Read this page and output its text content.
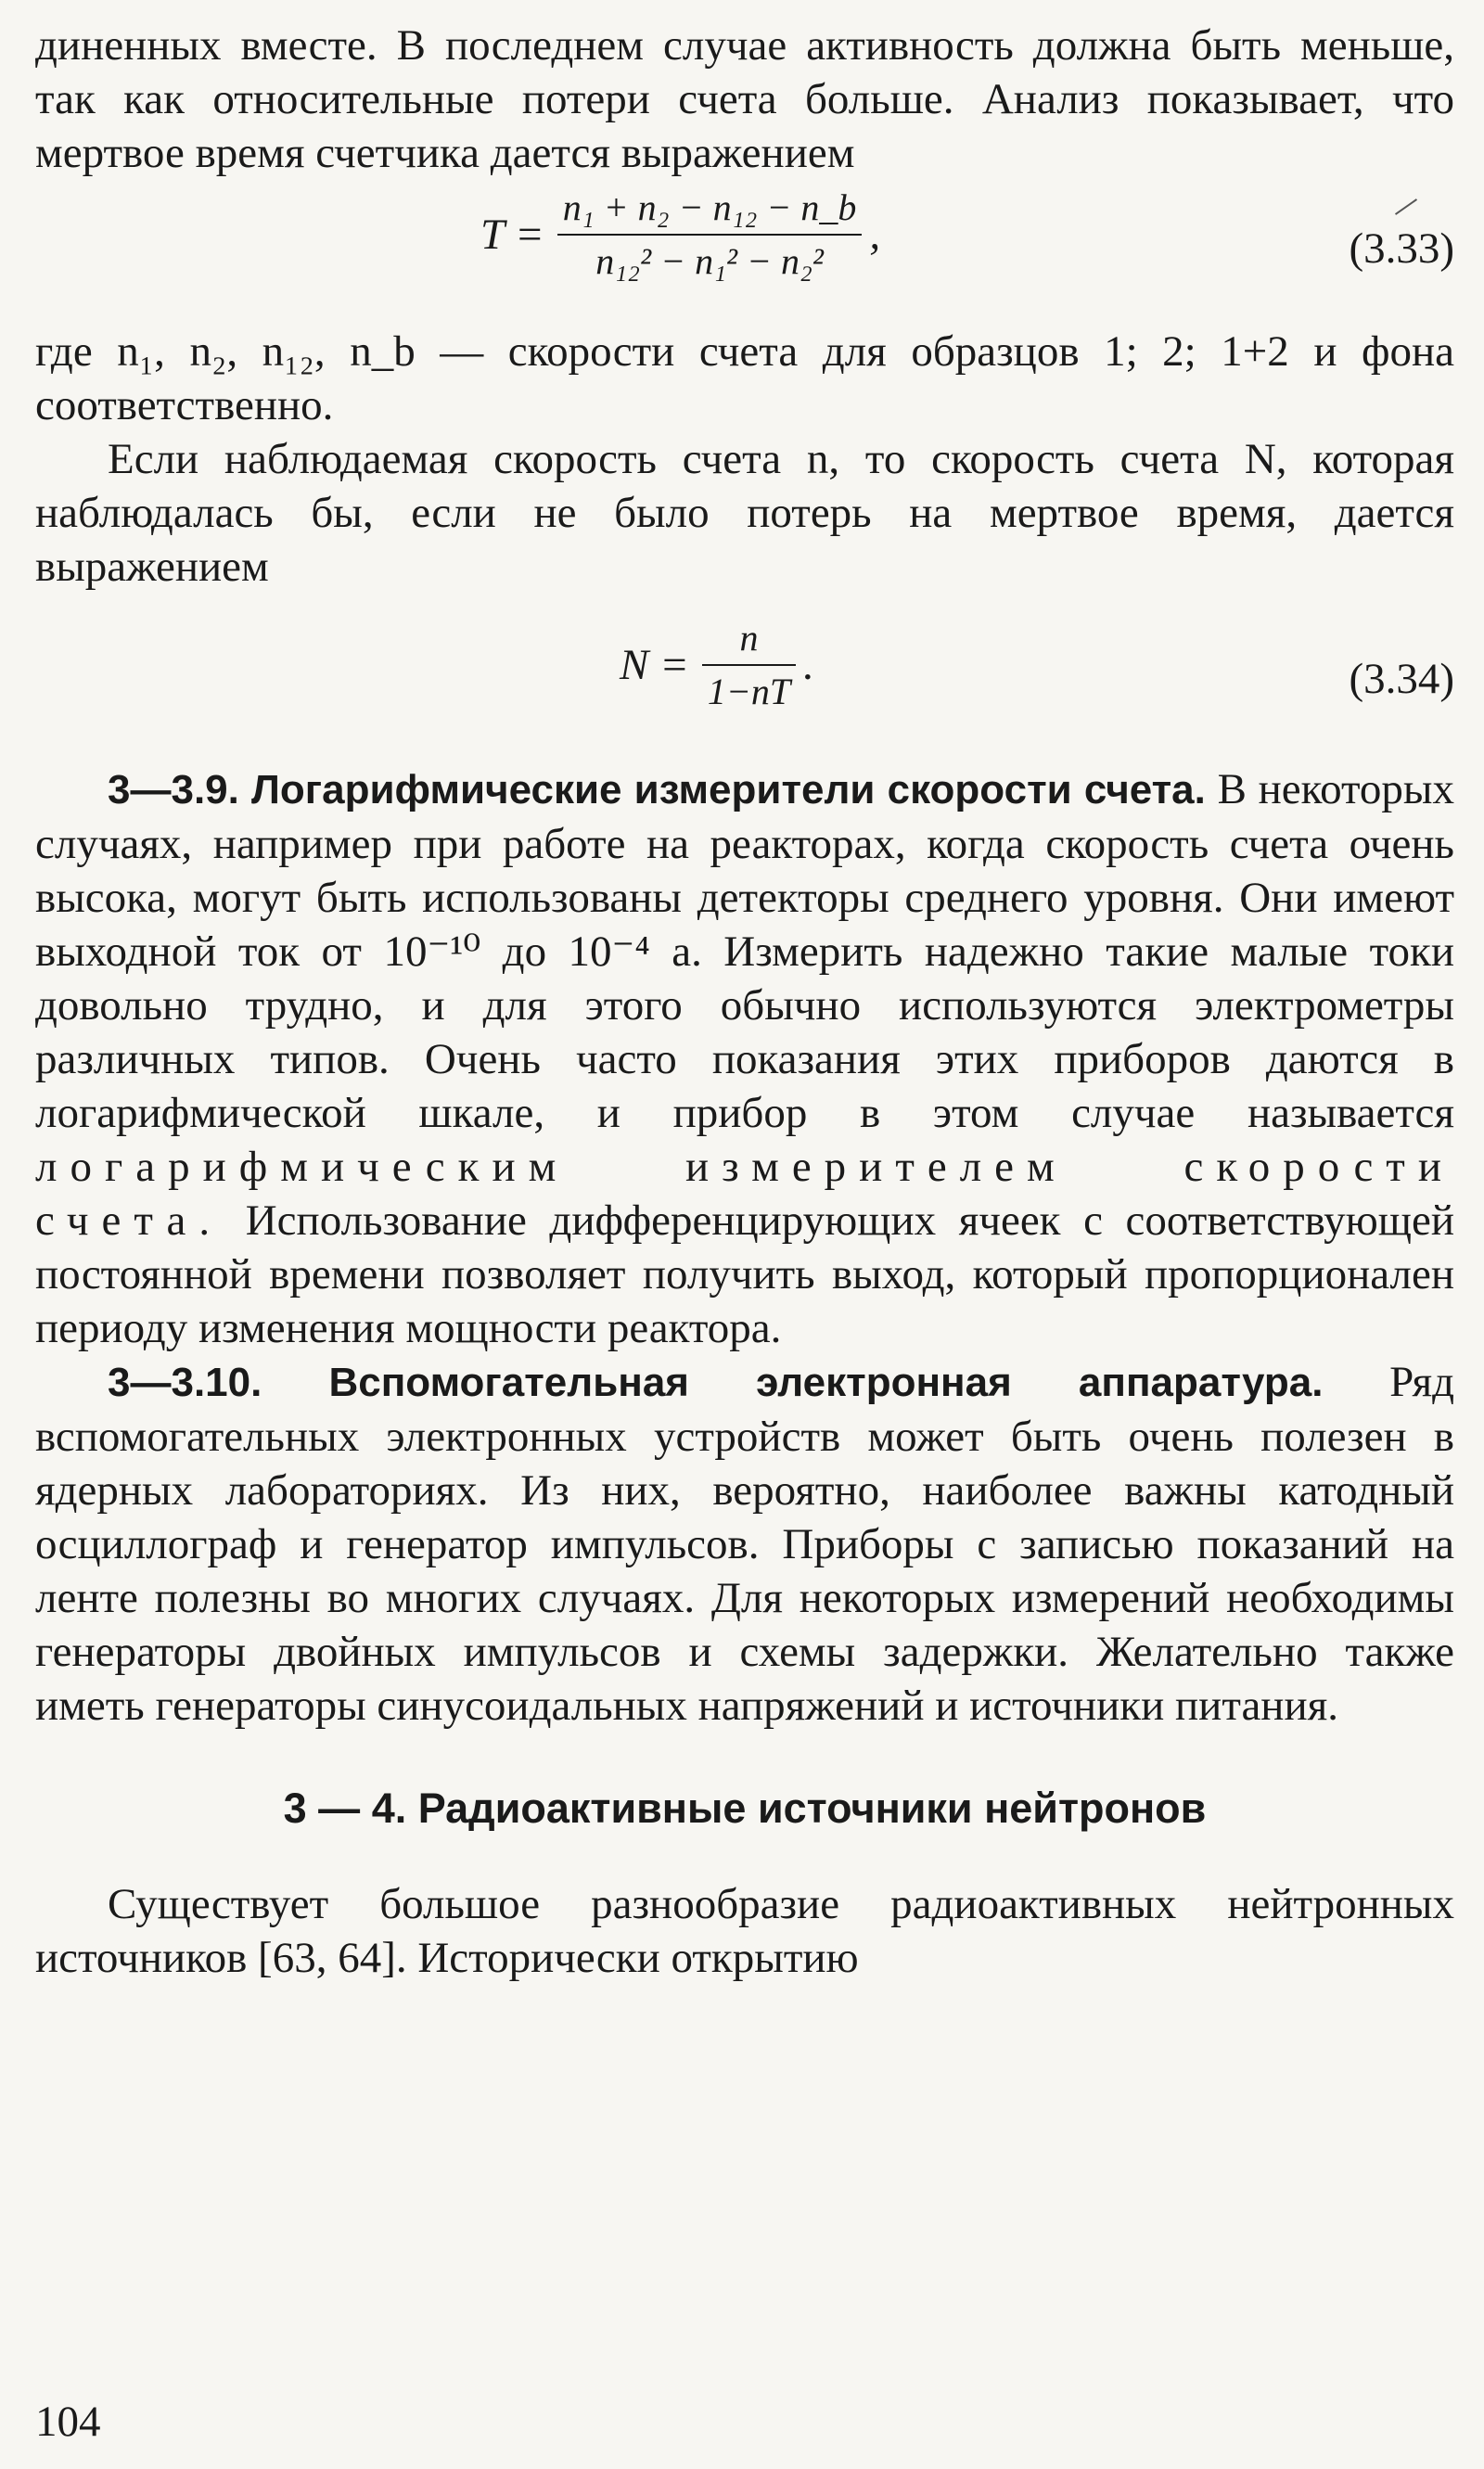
диненных вместе. В последнем случае активность должна быть меньше, так как относительные потери счета больше. Анализ показывает, что мертвое время счетчика дается выражением

$T = \frac{\text{n₁ + n₂ − n₁₂ − n\_b}}{\text{n₁₂² − n₁² − n₂²}}$ ,	(3.33)

где n₁, n₂, n₁₂, n_b — скорости счета для образцов 1; 2; 1+2 и фона соответственно.

Если наблюдаемая скорость счета n, то скорость счета N, которая наблюдалась бы, если не было потерь на мертвое время, дается выражением

$N = \frac{n}{1-nT}$ .	(3.34)

3—3.9. Логарифмические измерители скорости счета. В некоторых случаях, например при работе на реакторах, когда скорость счета очень высока, могут быть использованы детекторы среднего уровня. Они имеют выходной ток от 10⁻¹⁰ до 10⁻⁴ a. Измерить надежно такие малые токи довольно трудно, и для этого обычно используются электрометры различных типов. Очень часто показания этих приборов даются в логарифмической шкале, и прибор в этом случае называется логарифмическим измерителем скорости счета. Использование дифференцирующих ячеек с соответствующей постоянной времени позволяет получить выход, который пропорционален периоду изменения мощности реактора.

3—3.10. Вспомогательная электронная аппаратура. Ряд вспомогательных электронных устройств может быть очень полезен в ядерных лабораториях. Из них, вероятно, наиболее важны катодный осциллограф и генератор импульсов. Приборы с записью показаний на ленте полезны во многих случаях. Для некоторых измерений необходимы генераторы двойных импульсов и схемы задержки. Желательно также иметь генераторы синусоидальных напряжений и источники питания.

3 — 4. Радиоактивные источники нейтронов

Существует большое разнообразие радиоактивных нейтронных источников [63, 64]. Исторически открытию

104
